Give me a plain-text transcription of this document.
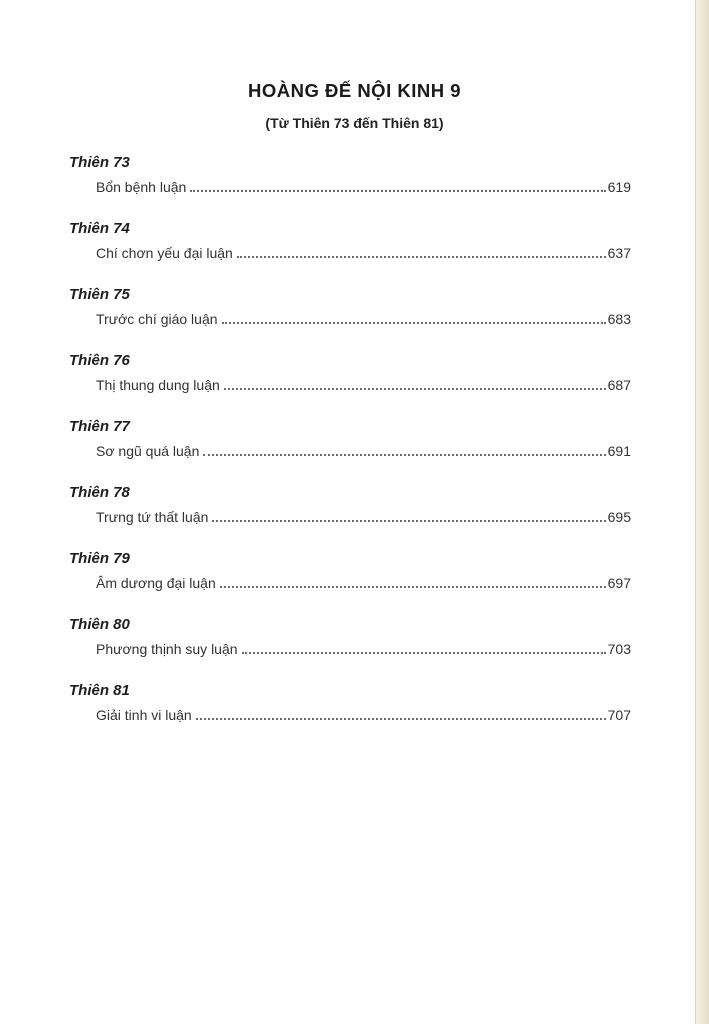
HOÀNG ĐẾ NỘI KINH 9
(Từ Thiên 73 đến Thiên 81)
Thiên 73
Bổn bệnh luận	619
Thiên 74
Chí chơn yếu đại luận	637
Thiên 75
Trước chí giáo luận	683
Thiên 76
Thị thung dung luận	687
Thiên 77
Sơ ngũ quá luận	691
Thiên 78
Trưng tứ thất luận	695
Thiên 79
Âm dương đại luận	697
Thiên 80
Phương thịnh suy luận	703
Thiên 81
Giải tinh vi luận	707
